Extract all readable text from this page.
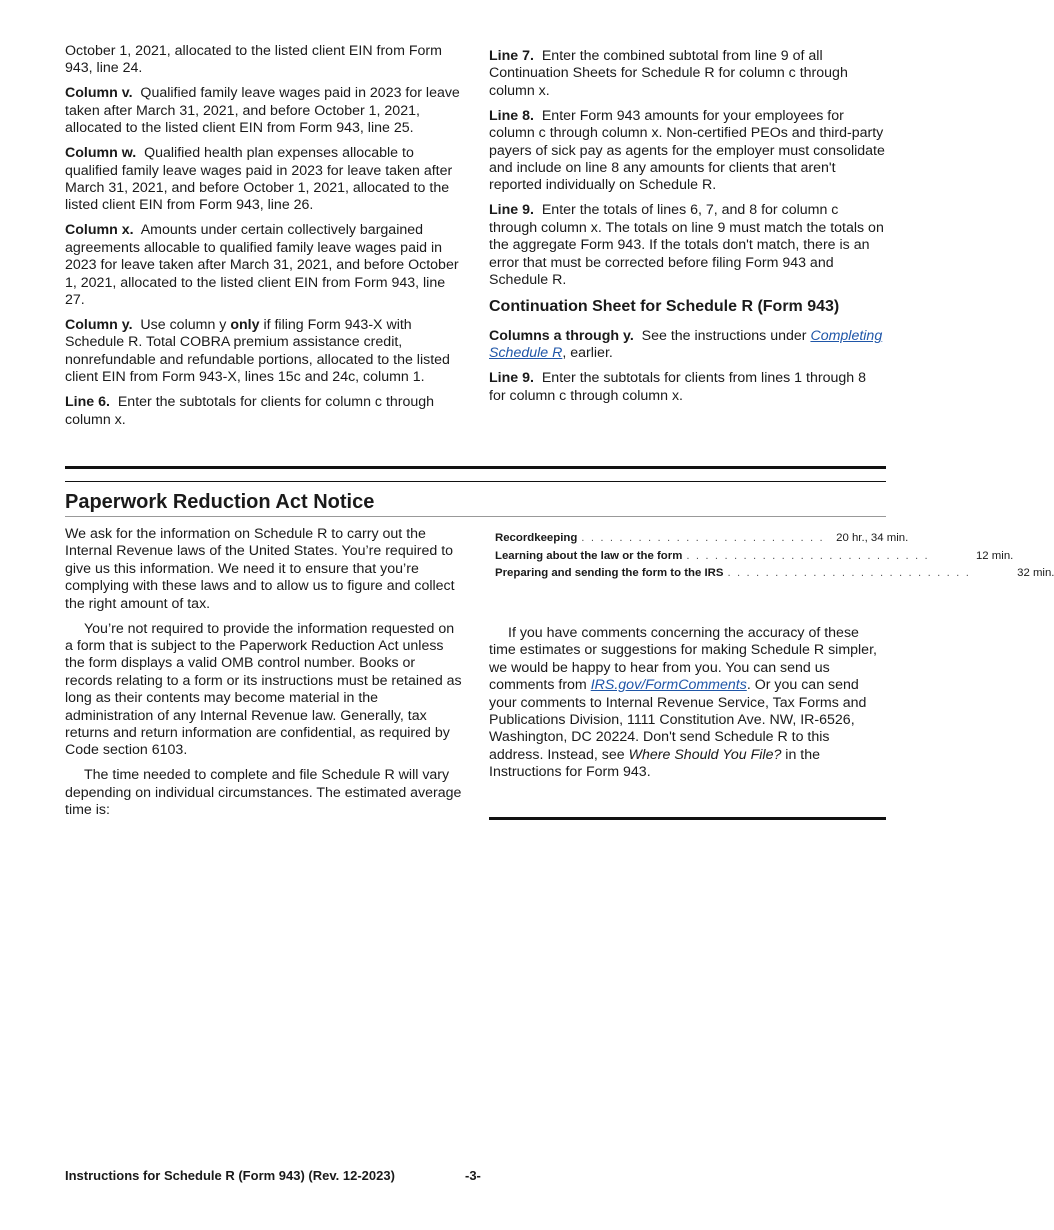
October 1, 2021, allocated to the listed client EIN from Form 943, line 24.

Column v. Qualified family leave wages paid in 2023 for leave taken after March 31, 2021, and before October 1, 2021, allocated to the listed client EIN from Form 943, line 25.

Column w. Qualified health plan expenses allocable to qualified family leave wages paid in 2023 for leave taken after March 31, 2021, and before October 1, 2021, allocated to the listed client EIN from Form 943, line 26.

Column x. Amounts under certain collectively bargained agreements allocable to qualified family leave wages paid in 2023 for leave taken after March 31, 2021, and before October 1, 2021, allocated to the listed client EIN from Form 943, line 27.

Column y. Use column y only if filing Form 943-X with Schedule R. Total COBRA premium assistance credit, nonrefundable and refundable portions, allocated to the listed client EIN from Form 943-X, lines 15c and 24c, column 1.

Line 6. Enter the subtotals for clients for column c through column x.

Line 7. Enter the combined subtotal from line 9 of all Continuation Sheets for Schedule R for column c through column x.

Line 8. Enter Form 943 amounts for your employees for column c through column x. Non-certified PEOs and third-party payers of sick pay as agents for the employer must consolidate and include on line 8 any amounts for clients that aren't reported individually on Schedule R.

Line 9. Enter the totals of lines 6, 7, and 8 for column c through column x. The totals on line 9 must match the totals on the aggregate Form 943. If the totals don't match, there is an error that must be corrected before filing Form 943 and Schedule R.

Continuation Sheet for Schedule R (Form 943)

Columns a through y. See the instructions under Completing Schedule R, earlier.

Line 9. Enter the subtotals for clients from lines 1 through 8 for column c through column x.

Paperwork Reduction Act Notice

We ask for the information on Schedule R to carry out the Internal Revenue laws of the United States. You’re required to give us this information. We need it to ensure that you’re complying with these laws and to allow us to figure and collect the right amount of tax.

You’re not required to provide the information requested on a form that is subject to the Paperwork Reduction Act unless the form displays a valid OMB control number. Books or records relating to a form or its instructions must be retained as long as their contents may become material in the administration of any Internal Revenue law. Generally, tax returns and return information are confidential, as required by Code section 6103.

The time needed to complete and file Schedule R will vary depending on individual circumstances. The estimated average time is:

Recordkeeping . . . . . . . . . . . . . . . . . . . . . . . . . .	20 hr., 34 min.
Learning about the law or the form . . . . . . . . . . . . . . . . . . . . . . . . . .	12 min.
Preparing and sending the form to the IRS . . . . . . . . . . . . . . . . . . . . . . . . . .	32 min.
If you have comments concerning the accuracy of these time estimates or suggestions for making Schedule R simpler, we would be happy to hear from you. You can send us comments from IRS.gov/FormComments. Or you can send your comments to Internal Revenue Service, Tax Forms and Publications Division, 1111 Constitution Ave. NW, IR-6526, Washington, DC 20224. Don't send Schedule R to this address. Instead, see Where Should You File? in the Instructions for Form 943.
Instructions for Schedule R (Form 943) (Rev. 12-2023)	-3-
